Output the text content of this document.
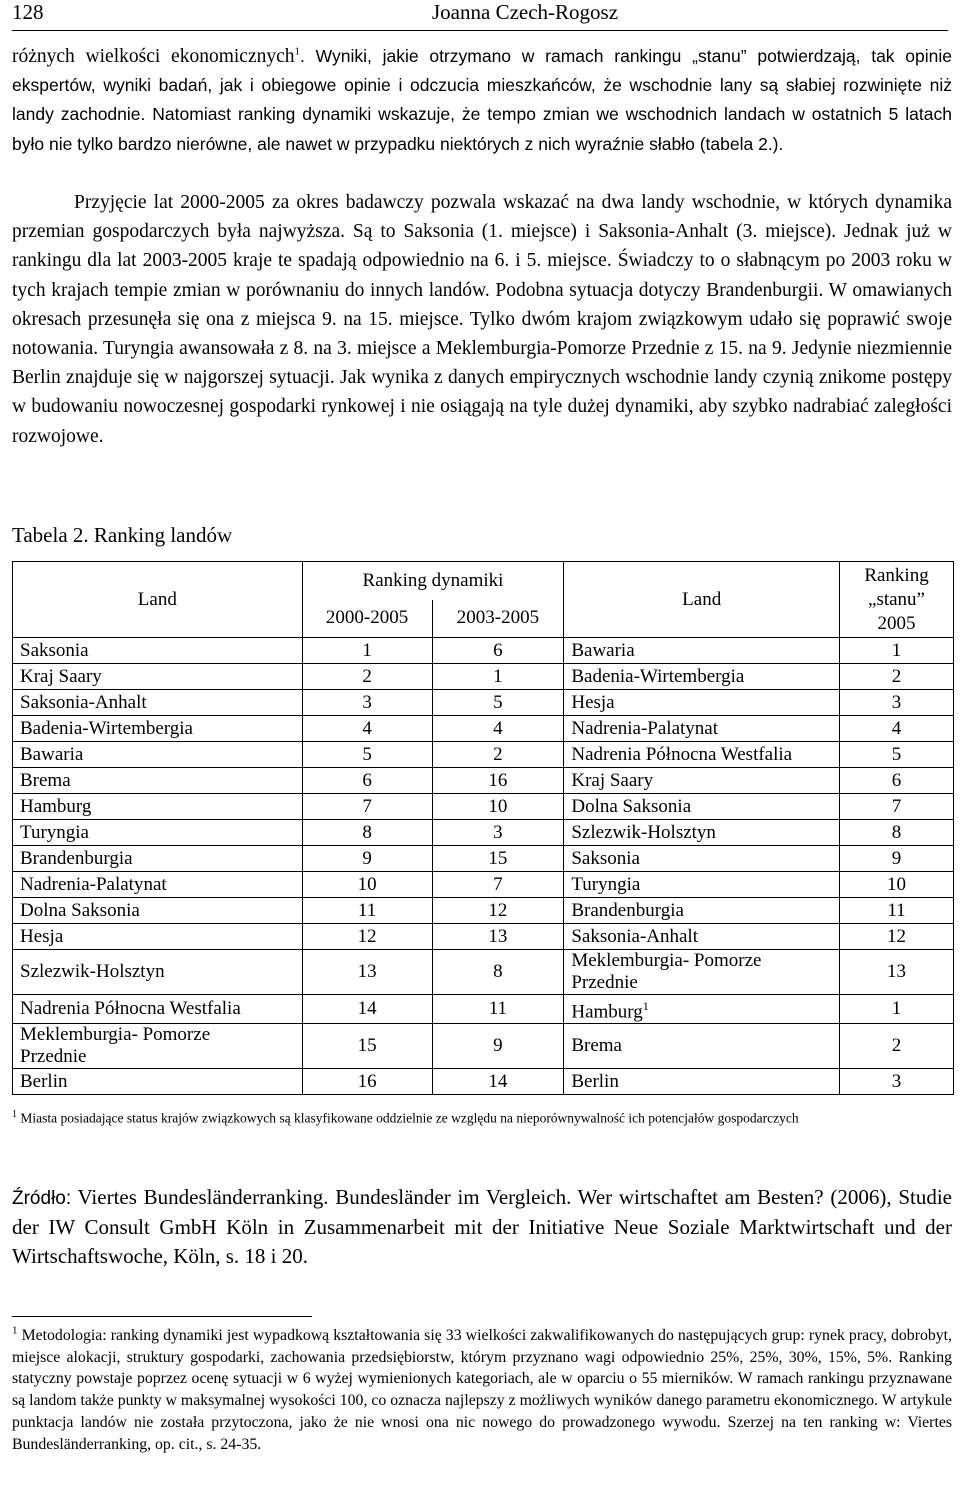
128	Joanna Czech-Rogosz

różnych wielkości ekonomicznych$^1$. Wyniki, jakie otrzymano w ramach rankingu „stanu” potwierdzają, tak opinie ekspertów, wyniki badań, jak i obiegowe opinie i odczucia mieszkańców, że wschodnie lany są słabiej rozwinięte niż landy zachodnie. Natomiast ranking dynamiki wskazuje, że tempo zmian we wschodnich landach w ostatnich 5 latach było nie tylko bardzo nierówne, ale nawet w przypadku niektórych z nich wyraźnie słabło (tabela 2.).

Przyjęcie lat 2000-2005 za okres badawczy pozwala wskazać na dwa landy wschodnie, w których dynamika przemian gospodarczych była najwyższa. Są to Saksonia (1. miejsce) i Saksonia-Anhalt (3. miejsce). Jednak już w rankingu dla lat 2003-2005 kraje te spadają odpowiednio na 6. i 5. miejsce. Świadczy to o słabnącym po 2003 roku w tych krajach tempie zmian w porównaniu do innych landów. Podobna sytuacja dotyczy Brandenburgii. W omawianych okresach przesunęła się ona z miejsca 9. na 15. miejsce. Tylko dwóm krajom związkowym udało się poprawić swoje notowania. Turyngia awansowała z 8. na 3. miejsce a Meklemburgia-Pomorze Przednie z 15. na 9. Jedynie niezmiennie Berlin znajduje się w najgorszej sytuacji. Jak wynika z danych empirycznych wschodnie landy czynią znikome postępy w budowaniu nowoczesnej gospodarki rynkowej i nie osiągają na tyle dużej dynamiki, aby szybko nadrabiać zaległości rozwojowe.

Tabela 2. Ranking landów
Land	Ranking dynamiki		Land	Ranking
„stanu”
2005

	2000-2005	2003-2005		
Saksonia	1	6	Bawaria	1
Kraj Saary	2	1	Badenia-Wirtembergia	2
Saksonia-Anhalt	3	5	Hesja	3
Badenia-Wirtembergia	4	4	Nadrenia-Palatynat	4
Bawaria	5	2	Nadrenia Północna Westfalia	5
Brema	6	16	Kraj Saary	6
Hamburg	7	10	Dolna Saksonia	7
Turyngia	8	3	Szlezwik-Holsztyn	8
Brandenburgia	9	15	Saksonia	9
Nadrenia-Palatynat	10	7	Turyngia	10
Dolna Saksonia	11	12	Brandenburgia	11
Hesja	12	13	Saksonia-Anhalt	12
Szlezwik-Holsztyn	13	8	Meklemburgia- Pomorze
Przednie	13
Nadrenia Północna Westfalia	14	11	Hamburg$^1$	1

Meklemburgia- Pomorze
Przednie	15	9	Brema	2
Berlin	16	14	Berlin	3
$^1$ Miasta posiadające status krajów związkowych są klasyfikowane oddzielnie ze względu na nieporównywalność ich potencjałów gospodarczych

Źródło: Viertes Bundesländerranking. Bundesländer im Vergleich. Wer wirtschaftet am Besten? (2006), Studie der IW Consult GmbH Köln in Zusammenarbeit mit der Initiative Neue Soziale Marktwirtschaft und der Wirtschaftswoche, Köln, s. 18 i 20.

$^1$ Metodologia: ranking dynamiki jest wypadkową kształtowania się 33 wielkości zakwalifikowanych do następujących grup: rynek pracy, dobrobyt, miejsce alokacji, struktury gospodarki, zachowania przedsiębiorstw, którym przyznano wagi odpowiednio 25%, 25%, 30%, 15%, 5%. Ranking statyczny powstaje poprzez ocenę sytuacji w 6 wyżej wymienionych kategoriach, ale w oparciu o 55 mierników. W ramach rankingu przyznawane są landom także punkty w maksymalnej wysokości 100, co oznacza najlepszy z możliwych wyników danego parametru ekonomicznego. W artykule punktacja landów nie została przytoczona, jako że nie wnosi ona nic nowego do prowadzonego wywodu. Szerzej na ten ranking w: Viertes Bundesländerranking, op. cit., s. 24-35.
